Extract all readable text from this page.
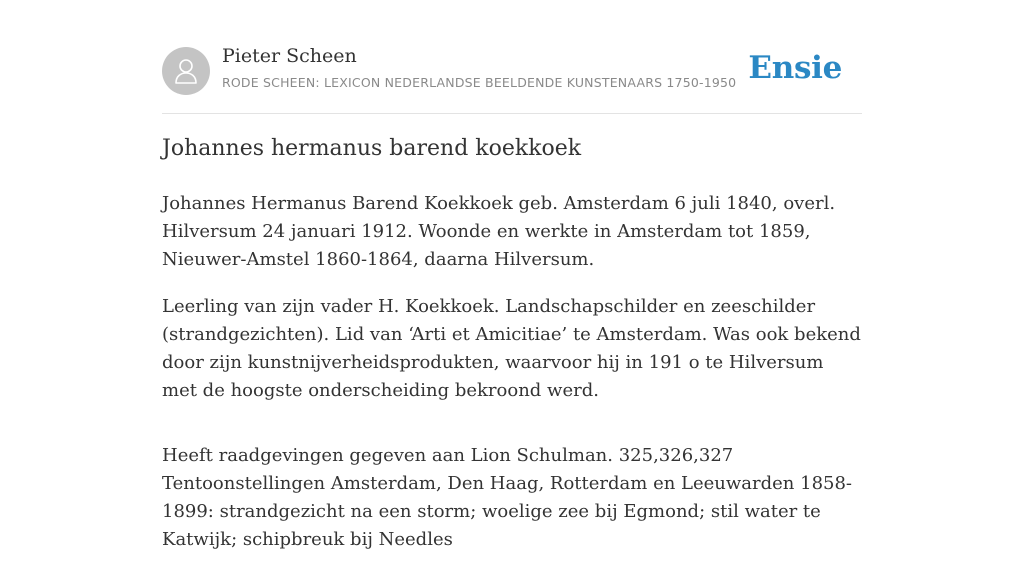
Pieter Scheen
RODE SCHEEN: LEXICON NEDERLANDSE BEELDENDE KUNSTENAARS 1750-1950 Ensie
Johannes hermanus barend koekkoek

Johannes Hermanus Barend Koekkoek geb. Amsterdam 6 juli 1840, overl. Hilversum 24 januari 1912. Woonde en werkte in Amsterdam tot 1859, Nieuwer-Amstel 1860-1864, daarna Hilversum.

Leerling van zijn vader H. Koekkoek. Landschapschilder en zeeschilder (strandgezichten). Lid van ‘Arti et Amicitiae’ te Amsterdam. Was ook bekend door zijn kunstnijverheidsprodukten, waarvoor hij in 191 o te Hilversum met de hoogste onderscheiding bekroond werd.

Heeft raadgevingen gegeven aan Lion Schulman. 325,326,327 Tentoonstellingen Amsterdam, Den Haag, Rotterdam en Leeuwarden 1858-1899: strandgezicht na een storm; woelige zee bij Egmond; stil water te Katwijk; schipbreuk bij Needles
